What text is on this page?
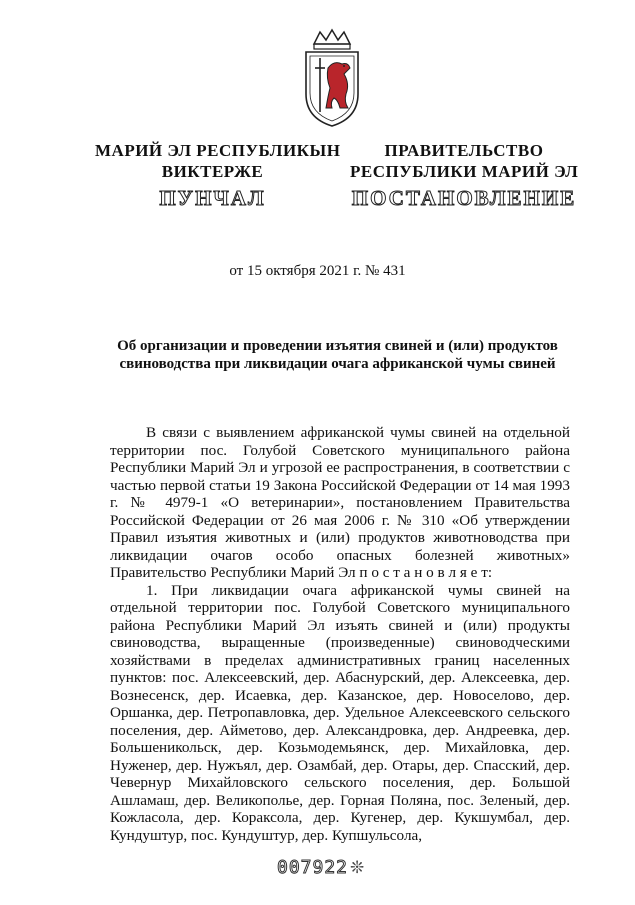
МАРИЙ ЭЛ РЕСПУБЛИКЫН
ВИКТЕРЖЕ
ПУНЧАЛ
ПРАВИТЕЛЬСТВО
РЕСПУБЛИКИ МАРИЙ ЭЛ
ПОСТАНОВЛЕНИЕ
от 15 октября 2021 г. № 431
Об организации и проведении изъятия свиней и (или) продуктов
свиноводства при ликвидации очага африканской чумы свиней

В связи с выявлением африканской чумы свиней на отдельной территории пос. Голубой Советского муниципального района Республики Марий Эл и угрозой ее распространения, в соответствии с частью первой статьи 19 Закона Российской Федерации от 14 мая 1993 г. № 4979-1 «О ветеринарии», постановлением Правительства Российской Федерации от 26 мая 2006 г. № 310 «Об утверждении Правил изъятия животных и (или) продуктов животноводства при ликвидации очагов особо опасных болезней животных» Правительство Республики Марий Эл п о с т а н о в л я е т:

1. При ликвидации очага африканской чумы свиней на отдельной территории пос. Голубой Советского муниципального района Республики Марий Эл изъять свиней и (или) продукты свиноводства, выращенные (произведенные) свиноводческими хозяйствами в пределах административных границ населенных пунктов: пос. Алексеевский, дер. Абаснурский, дер. Алексеевка, дер. Вознесенск, дер. Исаевка, дер. Казанское, дер. Новоселово, дер. Оршанка, дер. Петропавловка, дер. Удельное Алексеевского сельского поселения, дер. Айметово, дер. Александровка, дер. Андреевка, дер. Большеникольск, дер. Козьмодемьянск, дер. Михайловка, дер. Нуженер, дер. Нужъял, дер. Озамбай, дер. Отары, дер. Спасский, дер. Чевернур Михайловского сельского поселения, дер. Большой Ашламаш, дер. Великополье, дер. Горная Поляна, пос. Зеленый, дер. Кожласола, дер. Кораксола, дер. Кугенер, дер. Кукшумбал, дер. Кундуштур, пос. Кундуштур, дер. Купшульсола,

007922 ❊
